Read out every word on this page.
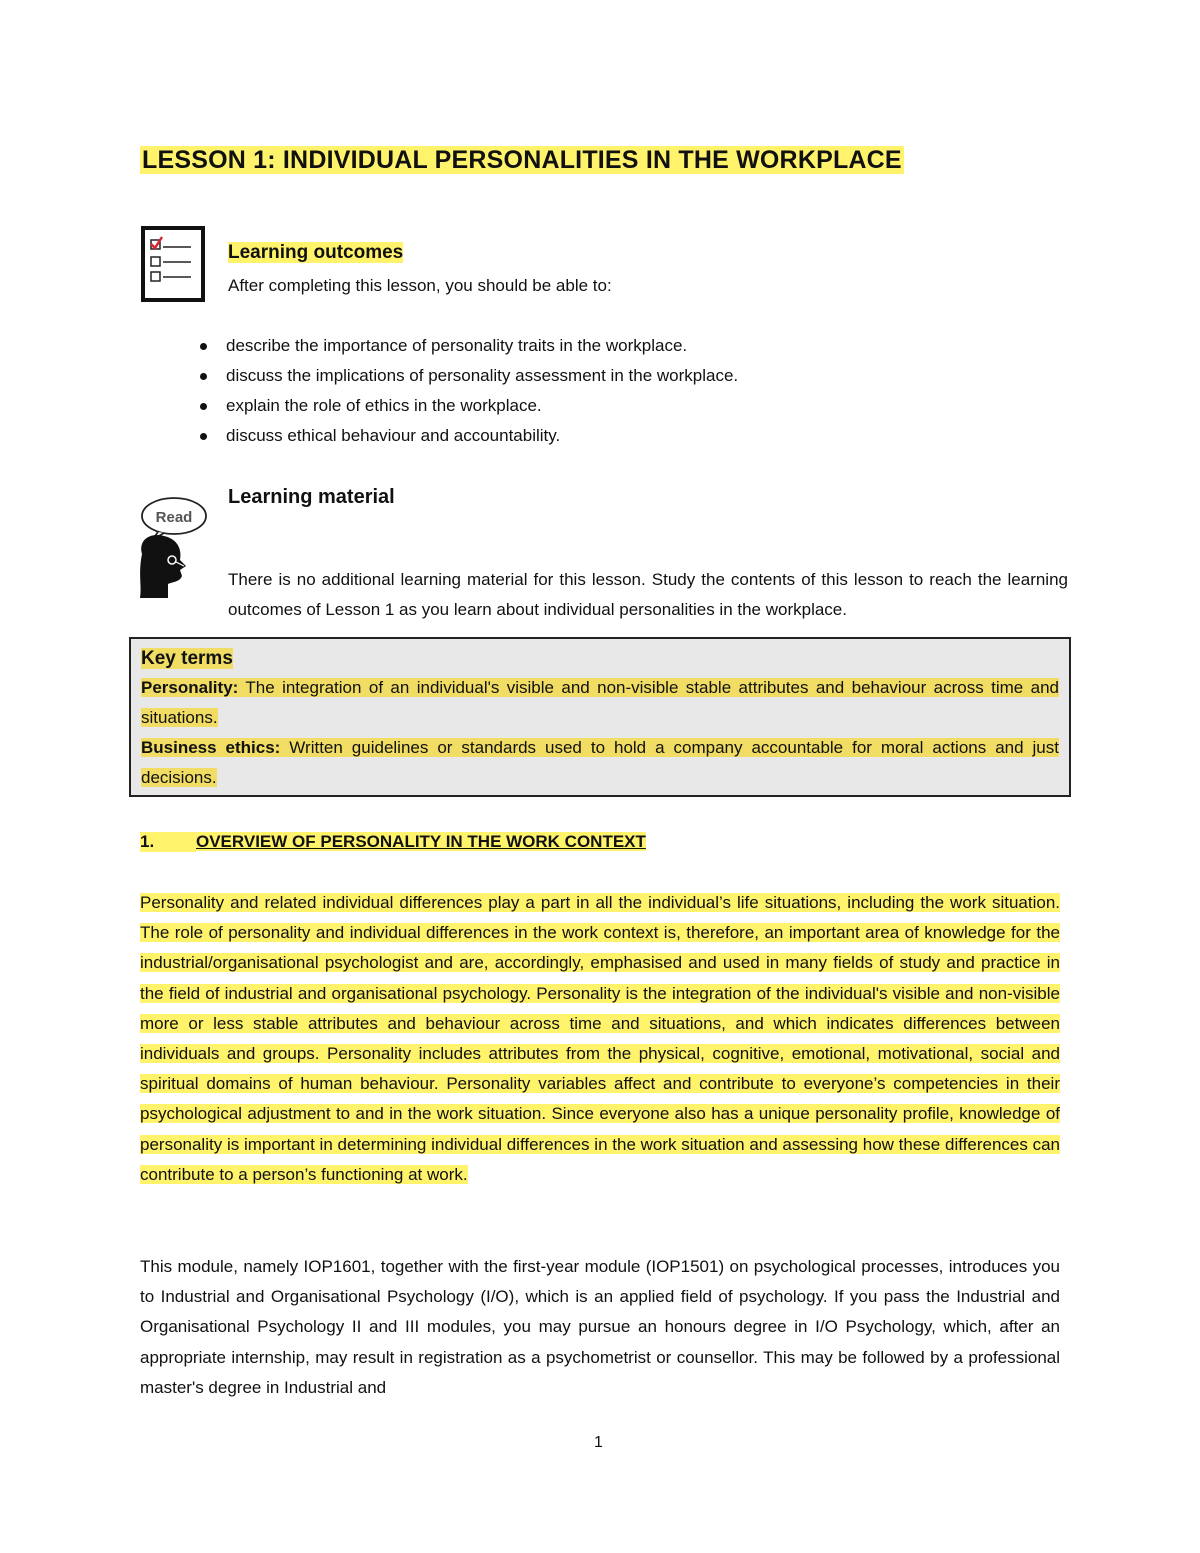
LESSON 1: INDIVIDUAL PERSONALITIES IN THE WORKPLACE
Learning outcomes
After completing this lesson, you should be able to:
describe the importance of personality traits in the workplace.
discuss the implications of personality assessment in the workplace.
explain the role of ethics in the workplace.
discuss ethical behaviour and accountability.
Read
Learning material

There is no additional learning material for this lesson. Study the contents of this lesson to reach the learning outcomes of Lesson 1 as you learn about individual personalities in the workplace.

Key terms

Personality: The integration of an individual's visible and non-visible stable attributes and behaviour across time and situations.

Business ethics: Written guidelines or standards used to hold a company accountable for moral actions and just decisions.

1. OVERVIEW OF PERSONALITY IN THE WORK CONTEXT

Personality and related individual differences play a part in all the individual’s life situations, including the work situation. The role of personality and individual differences in the work context is, therefore, an important area of knowledge for the industrial/organisational psychologist and are, accordingly, emphasised and used in many fields of study and practice in the field of industrial and organisational psychology. Personality is the integration of the individual's visible and non-visible more or less stable attributes and behaviour across time and situations, and which indicates differences between individuals and groups. Personality includes attributes from the physical, cognitive, emotional, motivational, social and spiritual domains of human behaviour. Personality variables affect and contribute to everyone’s competencies in their psychological adjustment to and in the work situation. Since everyone also has a unique personality profile, knowledge of personality is important in determining individual differences in the work situation and assessing how these differences can contribute to a person’s functioning at work.

This module, namely IOP1601, together with the first-year module (IOP1501) on psychological processes, introduces you to Industrial and Organisational Psychology (I/O), which is an applied field of psychology. If you pass the Industrial and Organisational Psychology II and III modules, you may pursue an honours degree in I/O Psychology, which, after an appropriate internship, may result in registration as a psychometrist or counsellor. This may be followed by a professional master's degree in Industrial and

1
